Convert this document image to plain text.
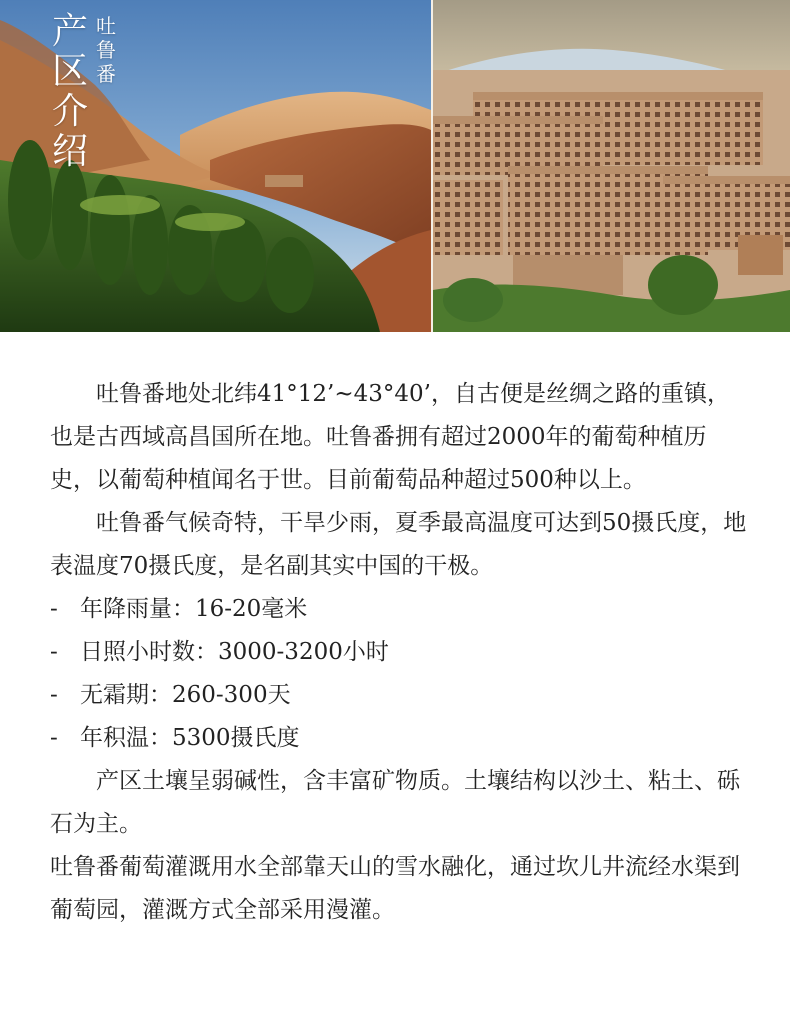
产
区
介
绍
吐
鲁
番

吐鲁番地处北纬41°12’~43°40’，自古便是丝绸之路的重镇，也是古西域高昌国所在地。吐鲁番拥有超过2000年的葡萄种植历史，以葡萄种植闻名于世。目前葡萄品种超过500种以上。

吐鲁番气候奇特，干旱少雨，夏季最高温度可达到50摄氏度，地表温度70摄氏度，是名副其实中国的干极。

- 年降雨量：16-20毫米

- 日照小时数：3000-3200小时

- 无霜期：260-300天

- 年积温：5300摄氏度

产区土壤呈弱碱性，含丰富矿物质。土壤结构以沙土、粘土、砾石为主。

吐鲁番葡萄灌溉用水全部靠天山的雪水融化，通过坎儿井流经水渠到葡萄园，灌溉方式全部采用漫灌。
